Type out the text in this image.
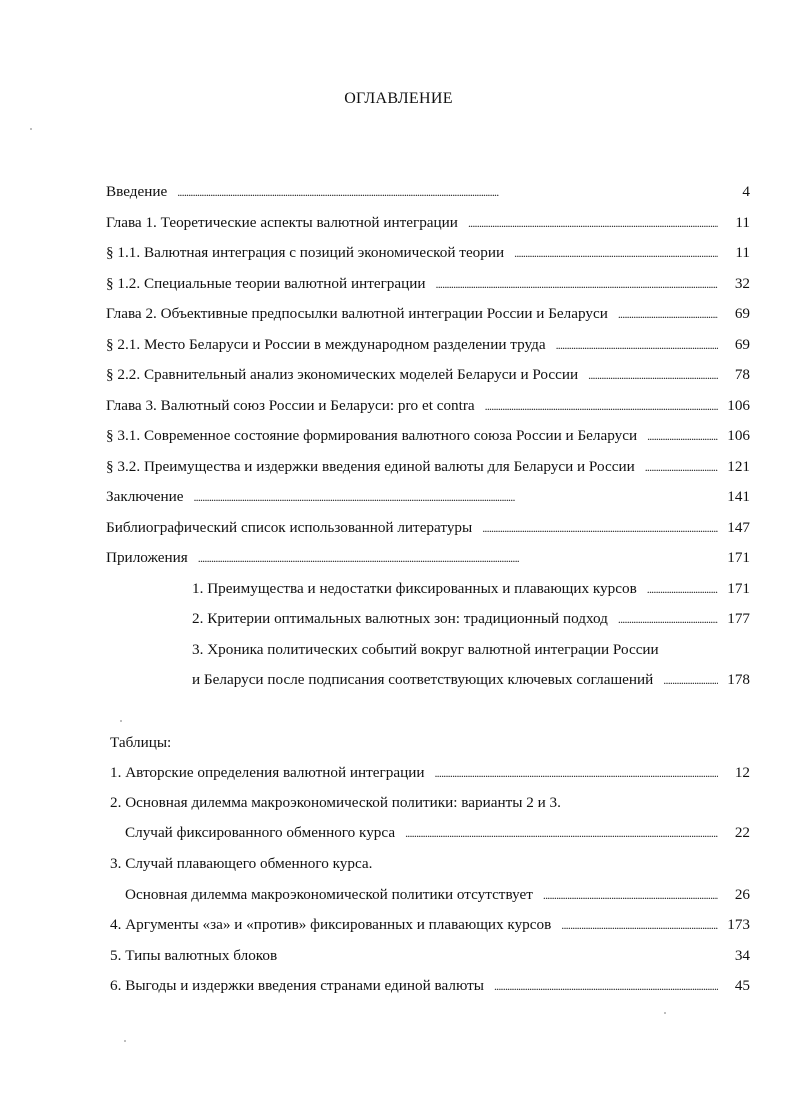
ОГЛАВЛЕНИЕ
Введение . . .	4
Глава 1. Теоретические аспекты валютной интеграции . . .	11
§ 1.1. Валютная интеграция с позиций экономической теории . . .	11
§ 1.2. Специальные теории валютной интеграции . . .	32
Глава 2. Объективные предпосылки валютной интеграции России и Беларуси . . .	69
§ 2.1. Место Беларуси и России в международном разделении труда . . .	69
§ 2.2. Сравнительный анализ экономических моделей Беларуси и России . . .	78
Глава 3. Валютный союз России и Беларуси: pro et contra . . .	106
§ 3.1. Современное состояние формирования валютного союза России и Беларуси . . .	106
§ 3.2. Преимущества и издержки введения единой валюты для Беларуси и России . . .	121
Заключение . . .	141
Библиографический список использованной литературы . . .	147
Приложения . . .	171
1. Преимущества и недостатки фиксированных и плавающих курсов . . .	171
2. Критерии оптимальных валютных зон: традиционный подход . . .	177
3. Хроника политических событий вокруг валютной интеграции России
и Беларуси после подписания соответствующих ключевых соглашений . . .	178
Таблицы:
1. Авторские определения валютной интеграции . . .	12
2. Основная дилемма макроэкономической политики: варианты 2 и 3.
Случай фиксированного обменного курса . . .	22
3. Случай плавающего обменного курса.
Основная дилемма макроэкономической политики отсутствует . . .	26
4. Аргументы «за» и «против» фиксированных и плавающих курсов . . .	173
5. Типы валютных блоков	34
6. Выгоды и издержки введения странами единой валюты . . .	45
